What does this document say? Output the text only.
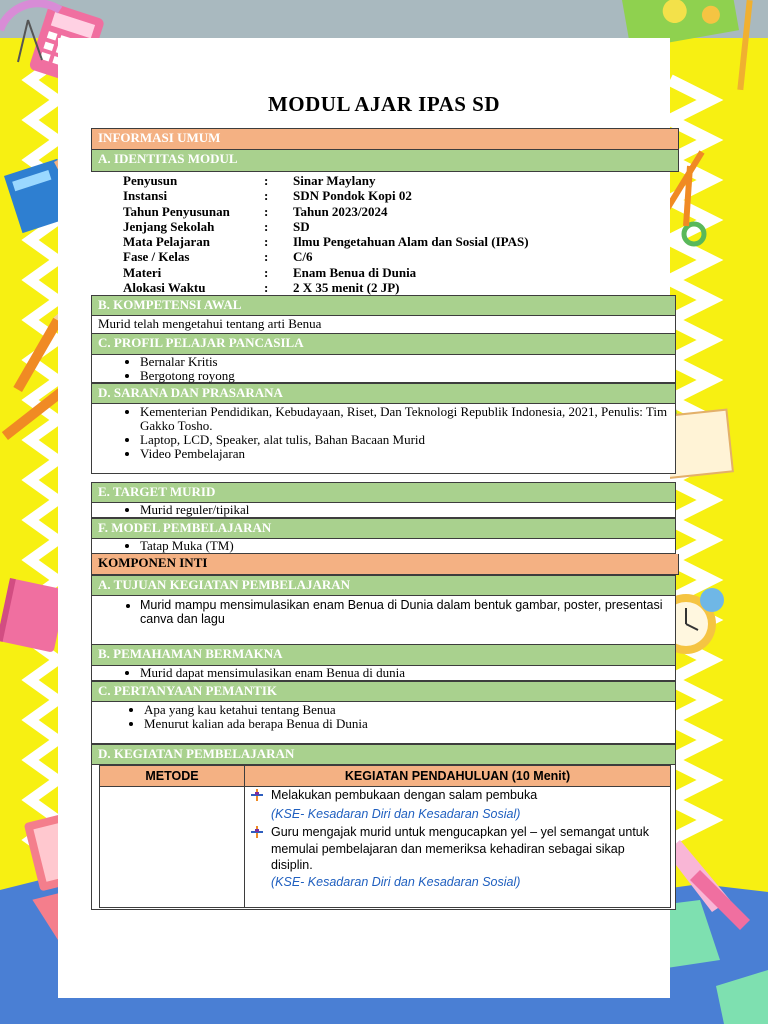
MODUL AJAR IPAS SD
INFORMASI UMUM
A. IDENTITAS MODUL
Penyusun	:	Sinar Maylany
Instansi	:	SDN Pondok Kopi 02
Tahun Penyusunan	:	Tahun 2023/2024
Jenjang Sekolah	:	SD
Mata Pelajaran	:	Ilmu Pengetahuan Alam dan Sosial (IPAS)
Fase / Kelas	:	C/6
Materi	:	Enam Benua di Dunia
Alokasi Waktu	:	2 X 35 menit (2 JP)
B. KOMPETENSI AWAL
Murid telah mengetahui tentang arti Benua
C. PROFIL PELAJAR PANCASILA
• Bernalar Kritis
• Bergotong royong
D. SARANA DAN PRASARANA
• Kementerian Pendidikan, Kebudayaan, Riset, Dan Teknologi Republik Indonesia, 2021, Penulis: Tim Gakko Tosho.
• Laptop, LCD, Speaker, alat tulis, Bahan Bacaan Murid
• Video Pembelajaran
E. TARGET MURID
• Murid reguler/tipikal
F. MODEL PEMBELAJARAN
• Tatap Muka (TM)
KOMPONEN INTI
A. TUJUAN KEGIATAN PEMBELAJARAN
• Murid mampu mensimulasikan enam Benua di Dunia dalam bentuk gambar, poster, presentasi canva dan lagu
B. PEMAHAMAN BERMAKNA
• Murid dapat mensimulasikan enam Benua di dunia
C. PERTANYAAN PEMANTIK
• Apa yang kau ketahui tentang Benua
• Menurut kalian ada berapa Benua di Dunia
D. KEGIATAN PEMBELAJARAN
METODE	KEGIATAN PENDAHULUAN (10 Menit)

Melakukan pembukaan dengan salam pembuka
(KSE- Kesadaran Diri dan Kesadaran Sosial)
Guru mengajak murid untuk mengucapkan yel – yel semangat untuk memulai pembelajaran dan memeriksa kehadiran sebagai sikap disiplin.
(KSE- Kesadaran Diri dan Kesadaran Sosial)
